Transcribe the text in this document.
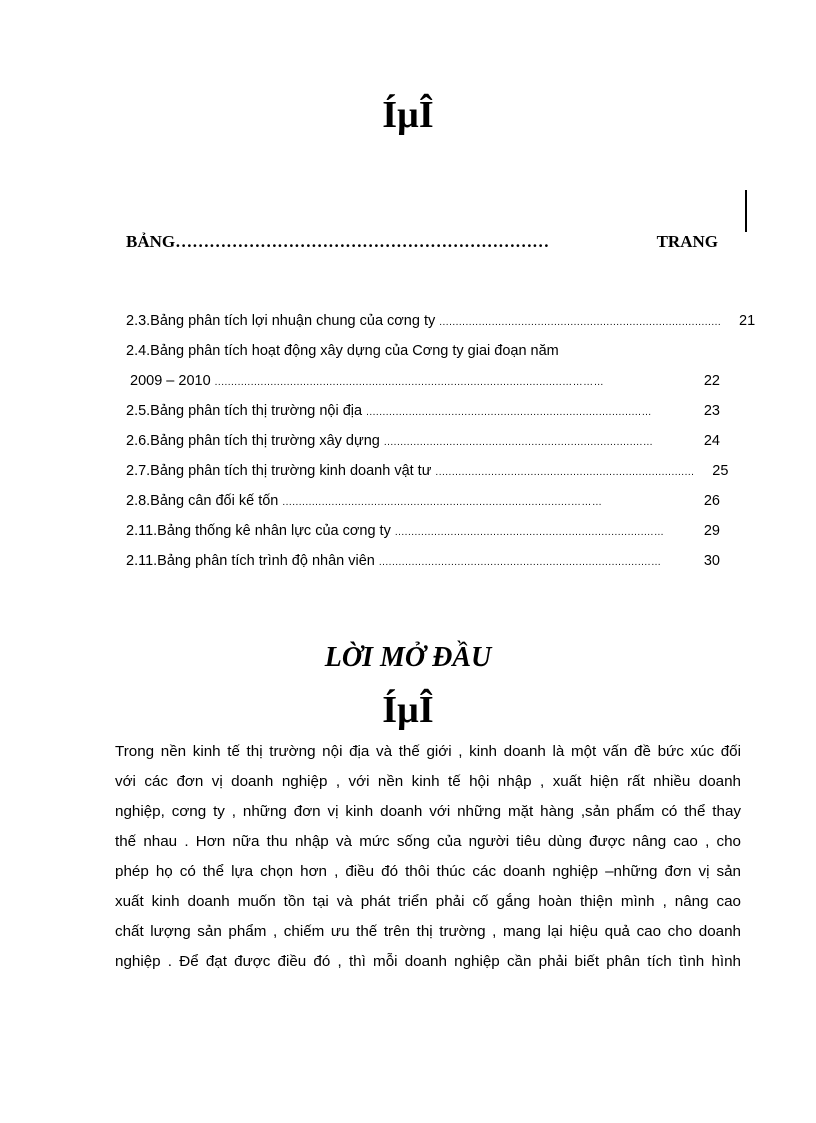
ÍµÎ
BẢNG …………………………………………………………	TRANG
2.3.Bảng phân tích lợi nhuận chung của cơng ty ......................................................................................	21
2.4.Bảng phân tích hoạt động xây dựng của Cơng ty giai đoạn năm
2009 – 2010 ..........................................................................................................…………	22
2.5.Bảng phân tích thị trường nội địa ....................................................................................…	23
2.6.Bảng phân tích thị trường xây dựng ...............................................................................…	24
2.7.Bảng phân tích thị trường kinh doanh vật tư ...............................................................................	25
2.8.Bảng cân đối kế tốn ........................................................................................………	26
2.11.Bảng thống kê nhân lực của cơng ty ...............................................................................…	29
2.11.Bảng phân tích trình độ nhân viên ...................................................................................…	30
LỜI MỞ ĐẦU
ÍµÎ

Trong nền kinh tế thị trường nội địa và thế giới , kinh doanh là một vấn đề bức xúc đối
với các đơn vị doanh nghiệp , với nền kinh tế hội nhập , xuất hiện rất nhiều doanh
nghiệp, cơng ty , những đơn vị kinh doanh với những mặt hàng ,sản phẩm có thể thay
thế nhau . Hơn nữa thu nhập và mức sống của người tiêu dùng được nâng cao , cho
phép họ có thể lựa chọn hơn , điều đó thôi thúc các doanh nghiệp –những đơn vị sản
xuất kinh doanh muốn tồn tại và phát triển phải cố gắng hoàn thiện mình , nâng cao
chất lượng sản phẩm , chiếm ưu thế trên thị trường , mang lại hiệu quả cao cho doanh
nghiệp . Để đạt được điều đó , thì mỗi doanh nghiệp cần phải biết phân tích tình hình
